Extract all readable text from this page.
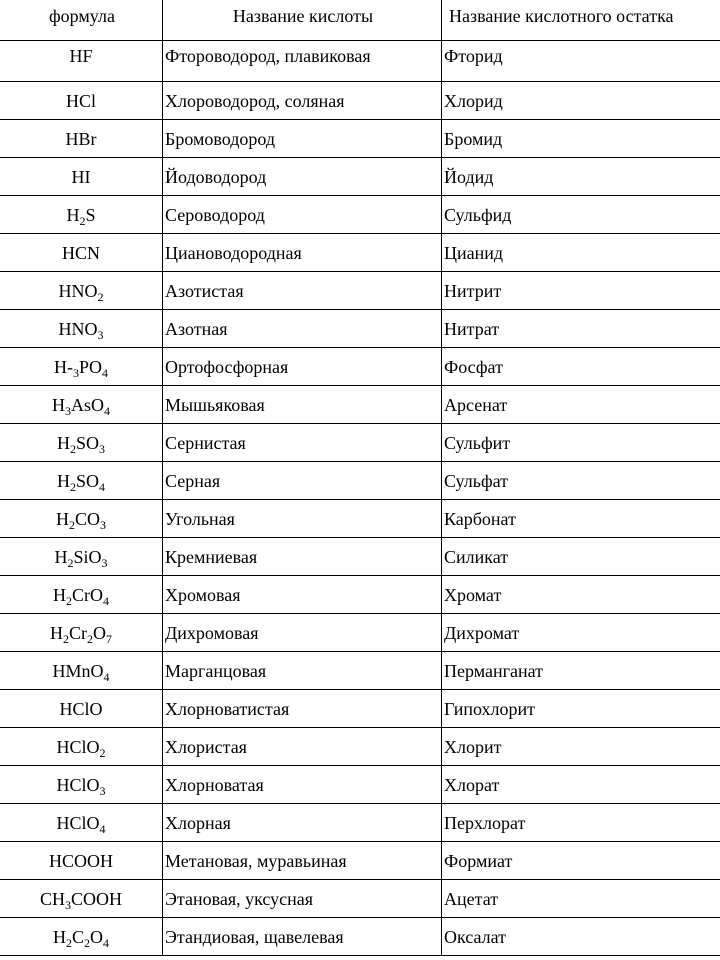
формула	Название кислоты	Название кислотного остатка
HF	Фтороводород, плавиковая	Фторид
HCl	Хлороводород, соляная	Хлорид
HBr	Бромоводород	Бромид
HI	Йодоводород	Йодид
$H_2S$	Сероводород	Сульфид
HCN	Циановодородная	Цианид
$HNO_2$	Азотистая	Нитрит
$HNO_3$	Азотная	Нитрат
$H-_3PO_4$	Ортофосфорная	Фосфат
$H_3AsO_4$	Мышьяковая	Арсенат
$H_2SO_3$	Сернистая	Сульфит
$H_2SO_4$	Серная	Сульфат
$H_2CO_3$	Угольная	Карбонат
$H_2SiO_3$	Кремниевая	Силикат
$H_2CrO_4$	Хромовая	Хромат
$H_2Cr_2O_7$	Дихромовая	Дихромат
HMnO$_4$	Марганцовая	Перманганат
HClO	Хлорноватистая	Гипохлорит
HClO$_2$	Хлористая	Хлорит
HClO$_3$	Хлорноватая	Хлорат
HClO$_4$	Хлорная	Перхлорат
HCOOH	Метановая, муравьиная	Формиат
$CH_3COOH$	Этановая, уксусная	Ацетат
$H_2C_2O_4$	Этандиовая, щавелевая	Оксалат
